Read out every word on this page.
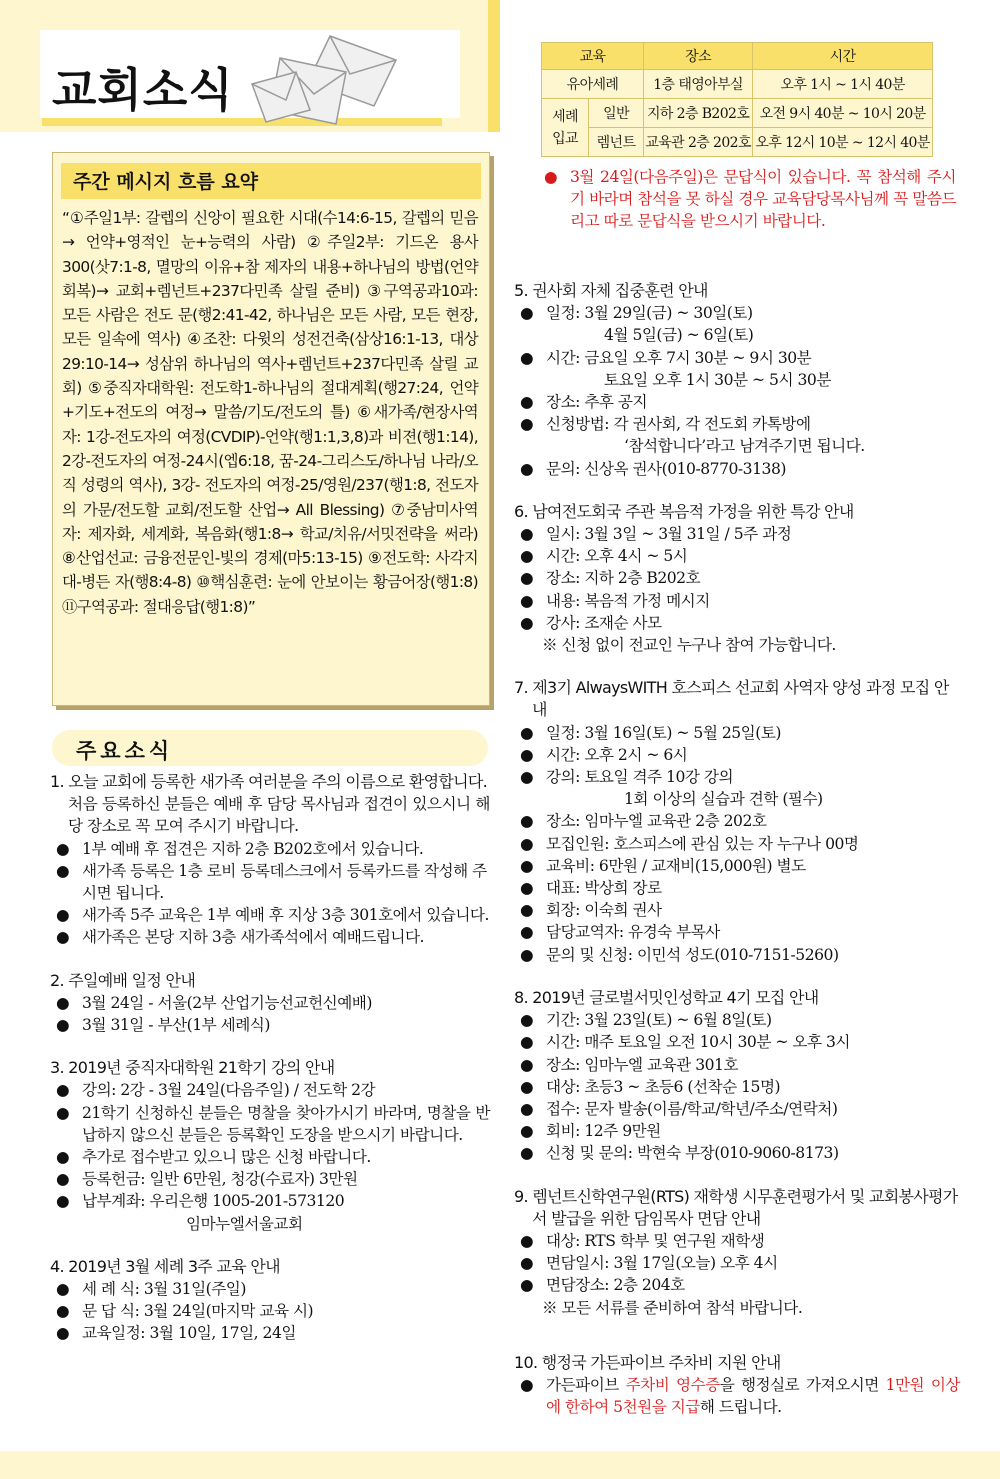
교회소식
주간 메시지 흐름 요약
“①주일1부: 갈렙의 신앙이 필요한 시대(수14:6-15, 갈렙의 믿음→ 언약+영적인 눈+능력의 사람) ②주일2부: 기드온 용사 300(삿7:1-8, 멸망의 이유+참 제자의 내용+하나님의 방법(언약회복)→ 교회+렘넌트+237다민족 살릴 준비) ③구역공과10과: 모든 사람은 전도 문(행2:41-42, 하나님은 모든 사람, 모든 현장, 모든 일속에 역사) ④조찬: 다윗의 성전건축(삼상16:1-13, 대상29:10-14→ 성삼위 하나님의 역사+렘넌트+237다민족 살릴 교회) ⑤중직자대학원: 전도학1-하나님의 절대계획(행27:24, 언약+기도+전도의 여정→ 말씀/기도/전도의 틀) ⑥새가족/현장사역자: 1강-전도자의 여정(CVDIP)-언약(행1:1,3,8)과 비젼(행1:14), 2강-전도자의 여정-24시(엡6:18, 꿈-24-그리스도/하나님 나라/오직 성령의 역사), 3강- 전도자의 여정-25/영원/237(행1:8, 전도자의 가문/전도할 교회/전도할 산업→ All Blessing) ⑦중남미사역자: 제자화, 세계화, 복음화(행1:8→ 학교/치유/서밋전략을 써라) ⑧산업선교: 금융전문인-빛의 경제(마5:13-15) ⑨전도학: 사각지대-병든 자(행8:4-8) ⑩핵심훈련: 눈에 안보이는 황금어장(행1:8) ⑪구역공과: 절대응답(행1:8)”
주요소식

1. 오늘 교회에 등록한 새가족 여러분을 주의 이름으로 환영합니다.

처음 등록하신 분들은 예배 후 담당 목사님과 접견이 있으시니 해당 장소로 꼭 모여 주시기 바랍니다.

● 1부 예배 후 접견은 지하 2층 B202호에서 있습니다.
● 새가족 등록은 1층 로비 등록데스크에서 등록카드를 작성해 주시면 됩니다.
● 새가족 5주 교육은 1부 예배 후 지상 3층 301호에서 있습니다.
● 새가족은 본당 지하 3층 새가족석에서 예배드립니다.

2. 주일예배 일정 안내

● 3월 24일 - 서울(2부 산업기능선교헌신예배)
● 3월 31일 - 부산(1부 세례식)

3. 2019년 중직자대학원 21학기 강의 안내

● 강의: 2강 - 3월 24일(다음주일) / 전도학 2강
● 21학기 신청하신 분들은 명찰을 찾아가시기 바라며, 명찰을 반납하지 않으신 분들은 등록확인 도장을 받으시기 바랍니다.
● 추가로 접수받고 있으니 많은 신청 바랍니다.
● 등록헌금: 일반 6만원, 청강(수료자) 3만원
● 납부계좌: 우리은행 1005-201-573120

임마누엘서울교회

4. 2019년 3월 세례 3주 교육 안내

● 세 례 식: 3월 31일(주일)
● 문 답 식: 3월 24일(마지막 교육 시)
● 교육일정: 3월 10일, 17일, 24일
교육		장소	시간
유아세례		1층 태영아부실	오후 1시 ~ 1시 40분
세례
입교	일반	지하 2층 B202호	오전 9시 40분 ~ 10시 20분
	렘넌트	교육관 2층 202호	오후 12시 10분 ~ 12시 40분
● 3월 24일(다음주일)은 문답식이 있습니다. 꼭 참석해 주시기 바라며 참석을 못 하실 경우 교육담당목사님께 꼭 말씀드리고 따로 문답식을 받으시기 바랍니다.

5. 권사회 자체 집중훈련 안내

● 일정: 3월 29일(금) ~ 30일(토)

4월 5일(금) ~ 6일(토)

● 시간: 금요일 오후 7시 30분 ~ 9시 30분

토요일 오후 1시 30분 ~ 5시 30분

● 장소: 추후 공지
● 신청방법: 각 권사회, 각 전도회 카톡방에

‘참석합니다’라고 남겨주기면 됩니다.

● 문의: 신상옥 권사(010-8770-3138)

6. 남여전도회국 주관 복음적 가정을 위한 특강 안내

● 일시: 3월 3일 ~ 3월 31일 / 5주 과정
● 시간: 오후 4시 ~ 5시
● 장소: 지하 2층 B202호
● 내용: 복음적 가정 메시지
● 강사: 조재순 사모

※ 신청 없이 전교인 누구나 참여 가능합니다.

7. 제3기 AlwaysWITH 호스피스 선교회 사역자 양성 과정 모집 안내

● 일정: 3월 16일(토) ~ 5월 25일(토)
● 시간: 오후 2시 ~ 6시
● 강의: 토요일 격주 10강 강의

1회 이상의 실습과 견학 (필수)

● 장소: 임마누엘 교육관 2층 202호
● 모집인원: 호스피스에 관심 있는 자 누구나 00명
● 교육비: 6만원 / 교재비(15,000원) 별도
● 대표: 박상희 장로
● 회장: 이숙희 권사
● 담당교역자: 유경숙 부목사
● 문의 및 신청: 이민석 성도(010-7151-5260)

8. 2019년 글로벌서밋인성학교 4기 모집 안내

● 기간: 3월 23일(토) ~ 6월 8일(토)
● 시간: 매주 토요일 오전 10시 30분 ~ 오후 3시
● 장소: 임마누엘 교육관 301호
● 대상: 초등3 ~ 초등6 (선착순 15명)
● 접수: 문자 발송(이름/학교/학년/주소/연락처)
● 회비: 12주 9만원
● 신청 및 문의: 박현숙 부장(010-9060-8173)

9. 렘넌트신학연구원(RTS) 재학생 시무훈련평가서 및 교회봉사평가서 발급을 위한 담임목사 면담 안내

● 대상: RTS 학부 및 연구원 재학생
● 면담일시: 3월 17일(오늘) 오후 4시
● 면담장소: 2층 204호

※ 모든 서류를 준비하여 참석 바랍니다.

10. 행정국 가든파이브 주차비 지원 안내

● 가든파이브 주차비 영수증을 행정실로 가져오시면 1만원 이상에 한하여 5천원을 지급해 드립니다.
